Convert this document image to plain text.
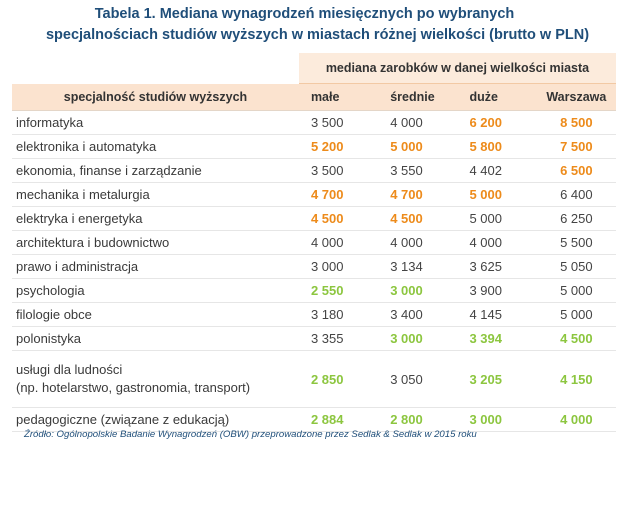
Tabela 1. Mediana wynagrodzeń miesięcznych po wybranych
specjalnościach studiów wyższych w miastach różnej wielkości (brutto w PLN)
	mediana zarobków w danej wielkości miasta			
specjalność studiów wyższych	małe	średnie	duże	Warszawa
informatyka	3 500	4 000	6 200	8 500
elektronika i automatyka	5 200	5 000	5 800	7 500
ekonomia, finanse i zarządzanie	3 500	3 550	4 402	6 500
mechanika i metalurgia	4 700	4 700	5 000	6 400
elektryka i energetyka	4 500	4 500	5 000	6 250
architektura i budownictwo	4 000	4 000	4 000	5 500
prawo i administracja	3 000	3 134	3 625	5 050
psychologia	2 550	3 000	3 900	5 000
filologie obce	3 180	3 400	4 145	5 000
polonistyka	3 355	3 000	3 394	4 500
usługi dla ludności
(np. hotelarstwo, gastronomia, transport)	2 850	3 050	3 205	4 150
pedagogiczne (związane z edukacją)	2 884	2 800	3 000	4 000
Źródło: Ogólnopolskie Badanie Wynagrodzeń (OBW) przeprowadzone przez Sedlak & Sedlak w 2015 roku
